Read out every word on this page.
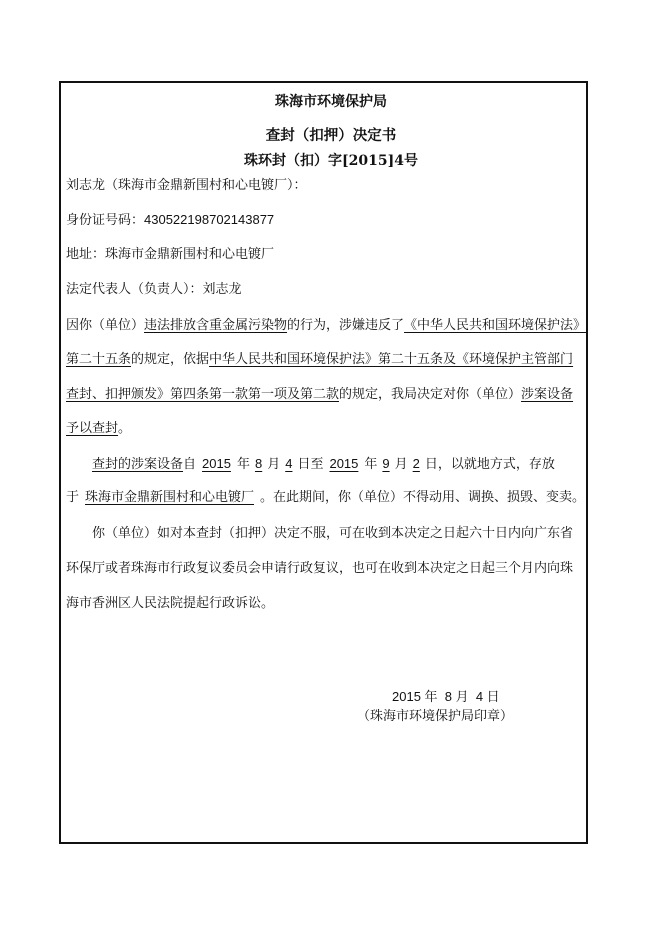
珠海市环境保护局
查封（扣押）决定书
珠环封（扣）字[2015]4号
刘志龙（珠海市金鼎新围村和心电镀厂）：
身份证号码：430522198702143877
地址：珠海市金鼎新围村和心电镀厂
法定代表人（负责人）：刘志龙
因你（单位）违法排放含重金属污染物的行为，涉嫌违反了《中华人民共和国环境保护法》
第二十五条的规定，依据中华人民共和国环境保护法》第二十五条及《环境保护主管部门
查封、扣押颁发》第四条第一款第一项及第二款的规定，我局决定对你（单位）涉案设备
予以查封。
查封的涉案设备自 2015 年 8 月 4 日至 2015 年 9 月 2 日，以就地方式，存放
于 珠海市金鼎新围村和心电镀厂 。在此期间，你（单位）不得动用、调换、损毁、变卖。
你（单位）如对本查封（扣押）决定不服，可在收到本决定之日起六十日内向广东省
环保厅或者珠海市行政复议委员会申请行政复议，也可在收到本决定之日起三个月内向珠
海市香洲区人民法院提起行政诉讼。
2015 年  8 月  4 日
（珠海市环境保护局印章）
